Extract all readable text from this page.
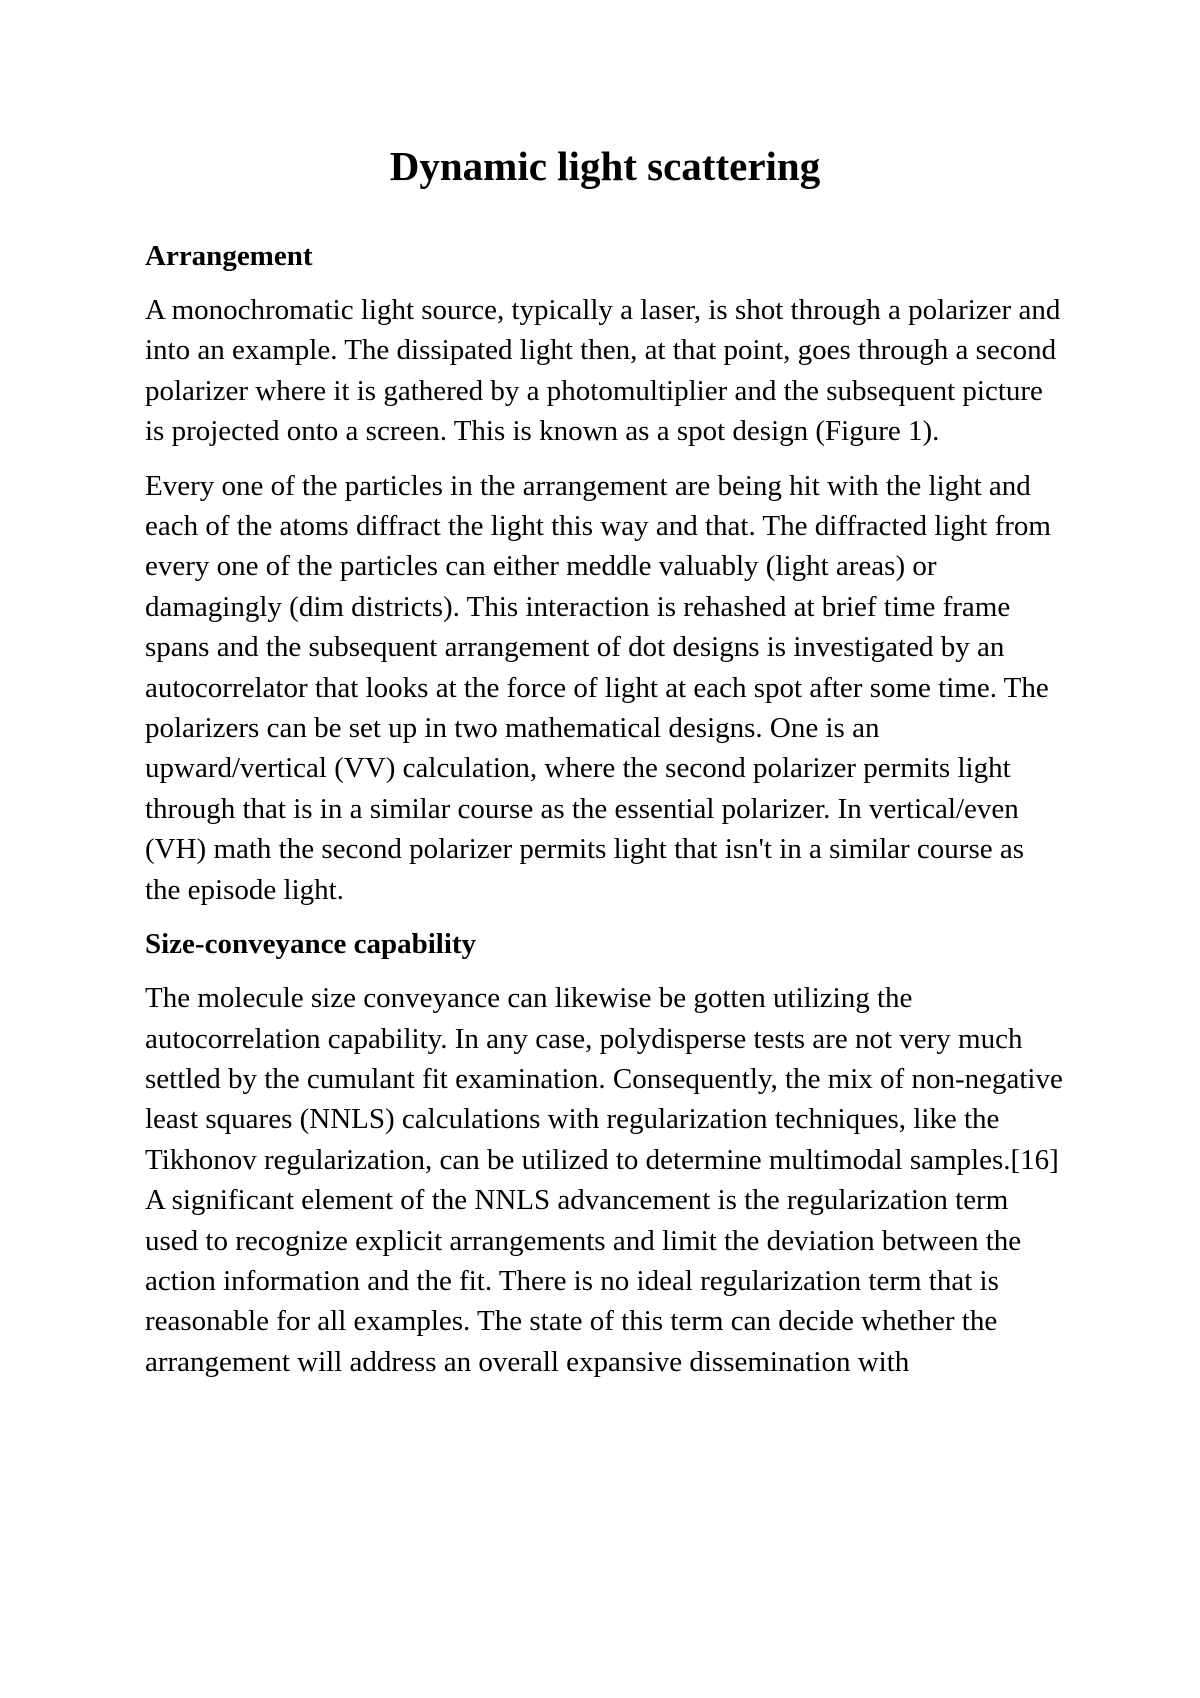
Dynamic light scattering
Arrangement

A monochromatic light source, typically a laser, is shot through a polarizer and into an example. The dissipated light then, at that point, goes through a second polarizer where it is gathered by a photomultiplier and the subsequent picture is projected onto a screen. This is known as a spot design (Figure 1).

Every one of the particles in the arrangement are being hit with the light and each of the atoms diffract the light this way and that. The diffracted light from every one of the particles can either meddle valuably (light areas) or damagingly (dim districts). This interaction is rehashed at brief time frame spans and the subsequent arrangement of dot designs is investigated by an autocorrelator that looks at the force of light at each spot after some time. The polarizers can be set up in two mathematical designs. One is an upward/vertical (VV) calculation, where the second polarizer permits light through that is in a similar course as the essential polarizer. In vertical/even (VH) math the second polarizer permits light that isn't in a similar course as the episode light.

Size-conveyance capability

The molecule size conveyance can likewise be gotten utilizing the autocorrelation capability. In any case, polydisperse tests are not very much settled by the cumulant fit examination. Consequently, the mix of non-negative least squares (NNLS) calculations with regularization techniques, like the Tikhonov regularization, can be utilized to determine multimodal samples.[16] A significant element of the NNLS advancement is the regularization term used to recognize explicit arrangements and limit the deviation between the action information and the fit. There is no ideal regularization term that is reasonable for all examples. The state of this term can decide whether the arrangement will address an overall expansive dissemination with
